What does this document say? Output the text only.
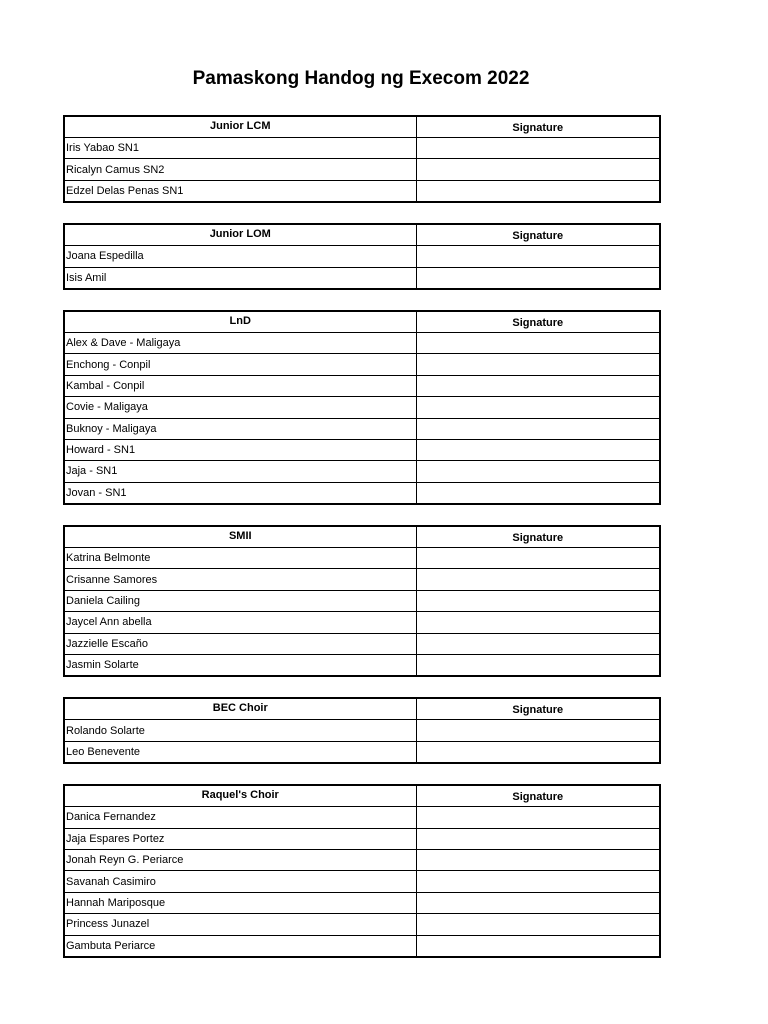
Pamaskong Handog ng Execom 2022
Junior LCM	Signature
Iris Yabao SN1	
Ricalyn Camus SN2	
Edzel Delas Penas SN1	
Junior LOM	Signature
Joana Espedilla	
Isis Amil	
LnD	Signature
Alex & Dave - Maligaya	
Enchong - Conpil	
Kambal - Conpil	
Covie - Maligaya	
Buknoy - Maligaya	
Howard - SN1	
Jaja - SN1	
Jovan - SN1	
SMII	Signature
Katrina Belmonte	
Crisanne Samores	
Daniela Cailing	
Jaycel Ann abella	
Jazzielle Escaño	
Jasmin Solarte	
BEC Choir	Signature
Rolando Solarte	
Leo Benevente	
Raquel's Choir	Signature
Danica Fernandez	
Jaja Espares Portez	
Jonah Reyn G. Periarce	
Savanah Casimiro	
Hannah Mariposque	
Princess Junazel	
Gambuta Periarce	
